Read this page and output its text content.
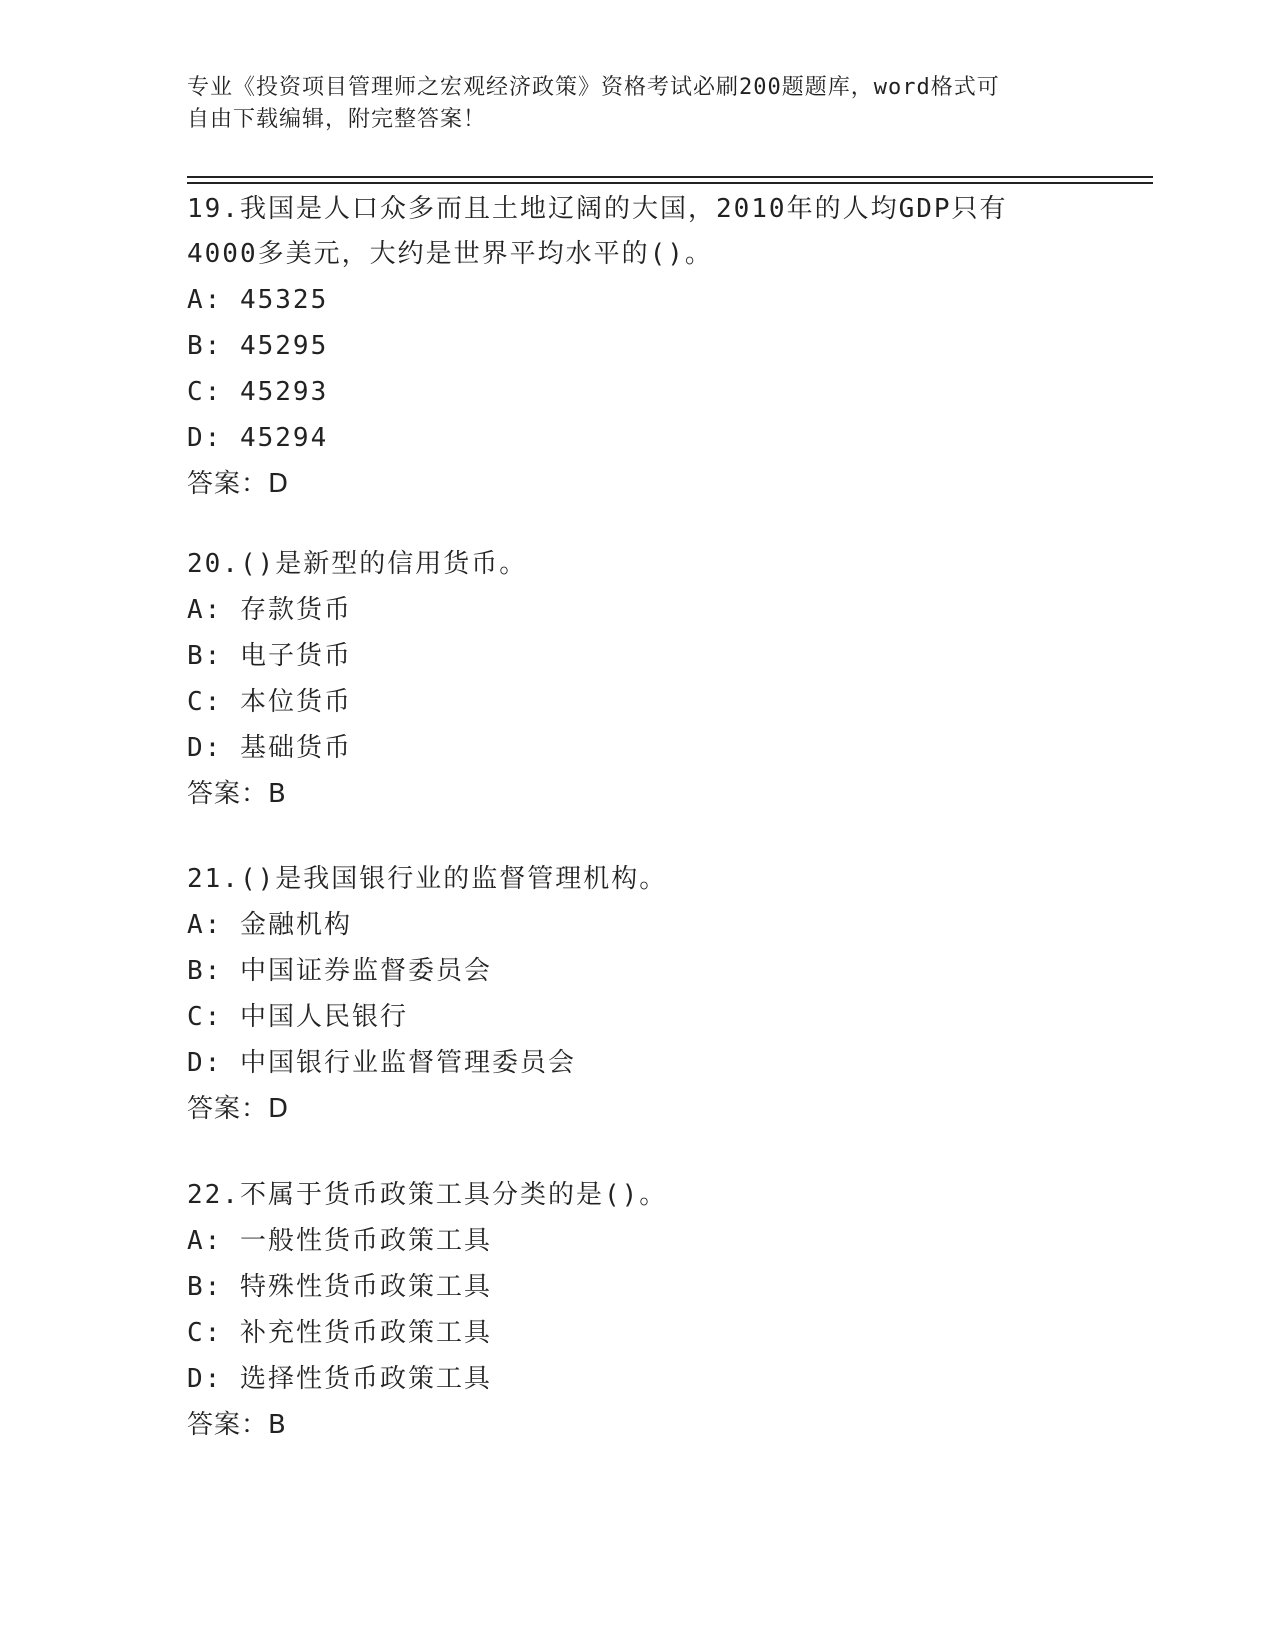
专业《投资项目管理师之宏观经济政策》资格考试必刷200题题库，word格式可
自由下载编辑，附完整答案！

19.我国是人口众多而且土地辽阔的大国，2010年的人均GDP只有

4000多美元，大约是世界平均水平的()。

A: 45325

B: 45295

C: 45293

D: 45294

答案：D

20.()是新型的信用货币。

A: 存款货币

B: 电子货币

C: 本位货币

D: 基础货币

答案：B

21.()是我国银行业的监督管理机构。

A: 金融机构

B: 中国证券监督委员会

C: 中国人民银行

D: 中国银行业监督管理委员会

答案：D

22.不属于货币政策工具分类的是()。

A: 一般性货币政策工具

B: 特殊性货币政策工具

C: 补充性货币政策工具

D: 选择性货币政策工具

答案：B
